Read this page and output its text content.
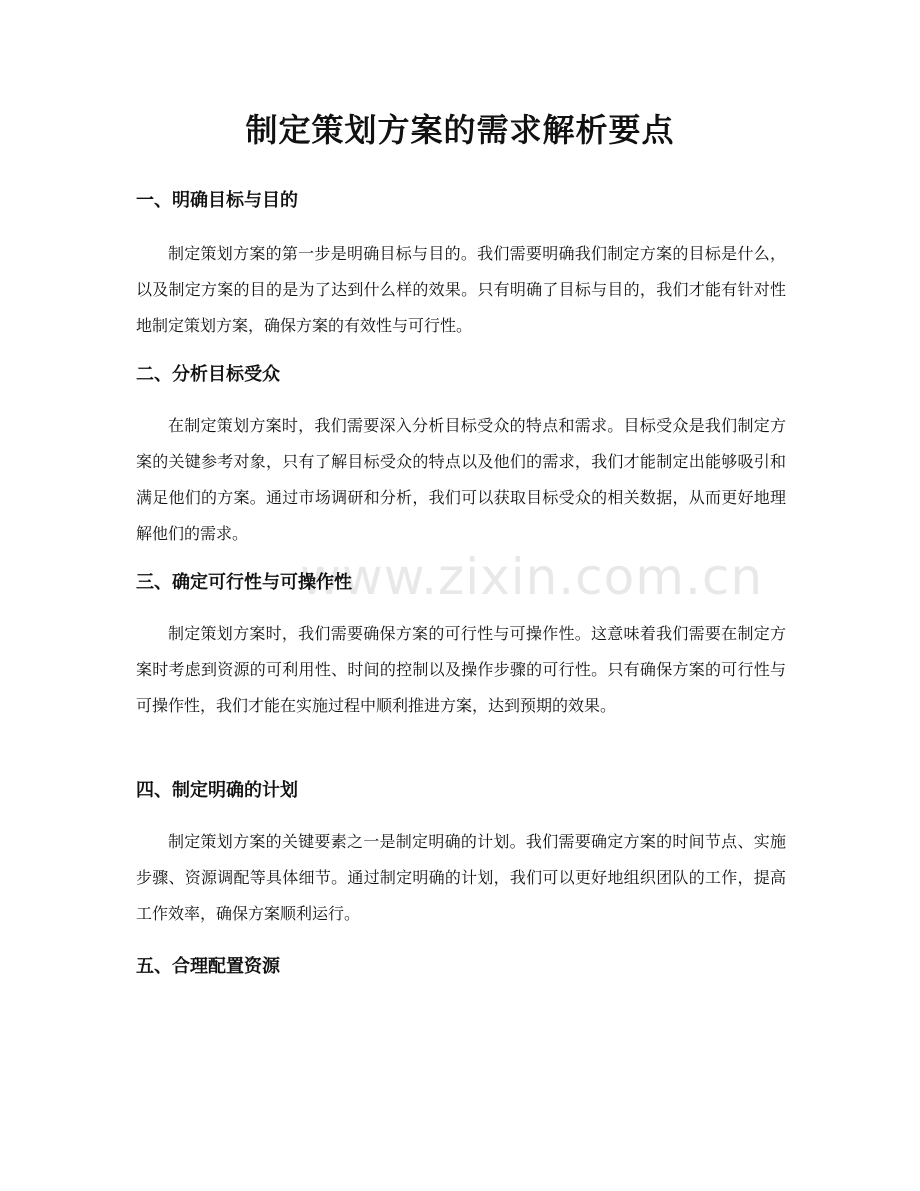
制定策划方案的需求解析要点
一、明确目标与目的

制定策划方案的第一步是明确目标与目的。我们需要明确我们制定方案的目标是什么，以及制定方案的目的是为了达到什么样的效果。只有明确了目标与目的，我们才能有针对性地制定策划方案，确保方案的有效性与可行性。

二、分析目标受众

在制定策划方案时，我们需要深入分析目标受众的特点和需求。目标受众是我们制定方案的关键参考对象，只有了解目标受众的特点以及他们的需求，我们才能制定出能够吸引和满足他们的方案。通过市场调研和分析，我们可以获取目标受众的相关数据，从而更好地理解他们的需求。

三、确定可行性与可操作性

制定策划方案时，我们需要确保方案的可行性与可操作性。这意味着我们需要在制定方案时考虑到资源的可利用性、时间的控制以及操作步骤的可行性。只有确保方案的可行性与可操作性，我们才能在实施过程中顺利推进方案，达到预期的效果。

四、制定明确的计划

制定策划方案的关键要素之一是制定明确的计划。我们需要确定方案的时间节点、实施步骤、资源调配等具体细节。通过制定明确的计划，我们可以更好地组织团队的工作，提高工作效率，确保方案顺利运行。

五、合理配置资源
www.zixin.com.cn
